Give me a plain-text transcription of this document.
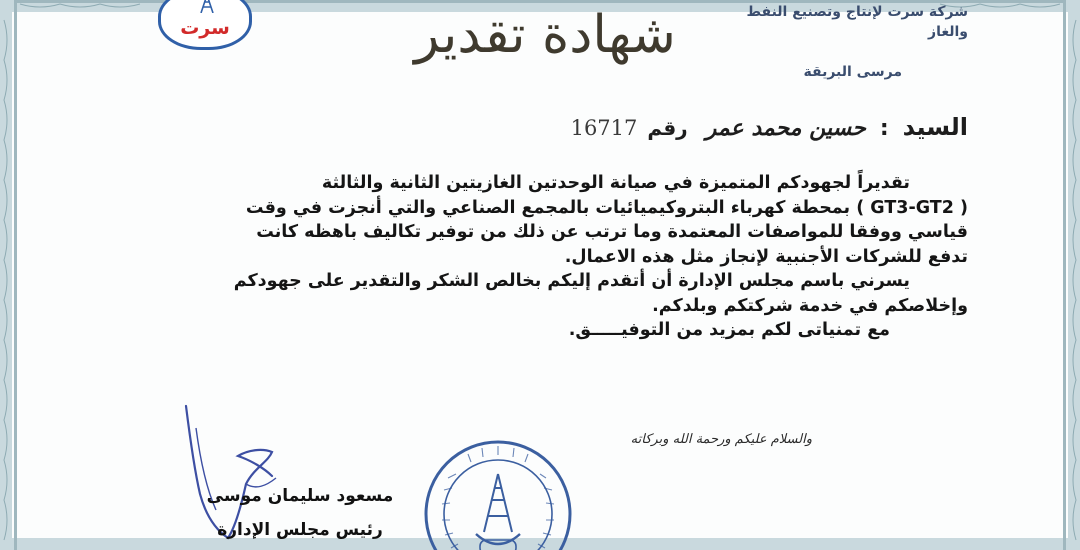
سرت	شهادة تقدير	شركة سرت لإنتاج وتصنيع النفط
والغاز
مرسى البريقة
السيد:حسين محمد عمررقم16717

تقديراً لجهودكم المتميزة في صيانة الوحدتين الغازيتين الثانية والثالثة

( GT3-GT2 ) بمحطة كهرباء البتروكيميائيات بالمجمع الصناعي والتي أنجزت في وقت

قياسي ووفقا للمواصفات المعتمدة وما ترتب عن ذلك من توفير تكاليف باهظه كانت

تدفع للشركات الأجنبية لإنجاز مثل هذه الاعمال.

يسرني باسم مجلس الإدارة أن أتقدم إليكم بخالص الشكر والتقدير على جهودكم

وإخلاصكم في خدمة شركتكم وبلدكم.

مع تمنياتى لكم بمزيد من التوفيـــــق.

والسلام عليكم ورحمة الله وبركاته
مسعود سليمان موسى
رئيس مجلس الإدارة
